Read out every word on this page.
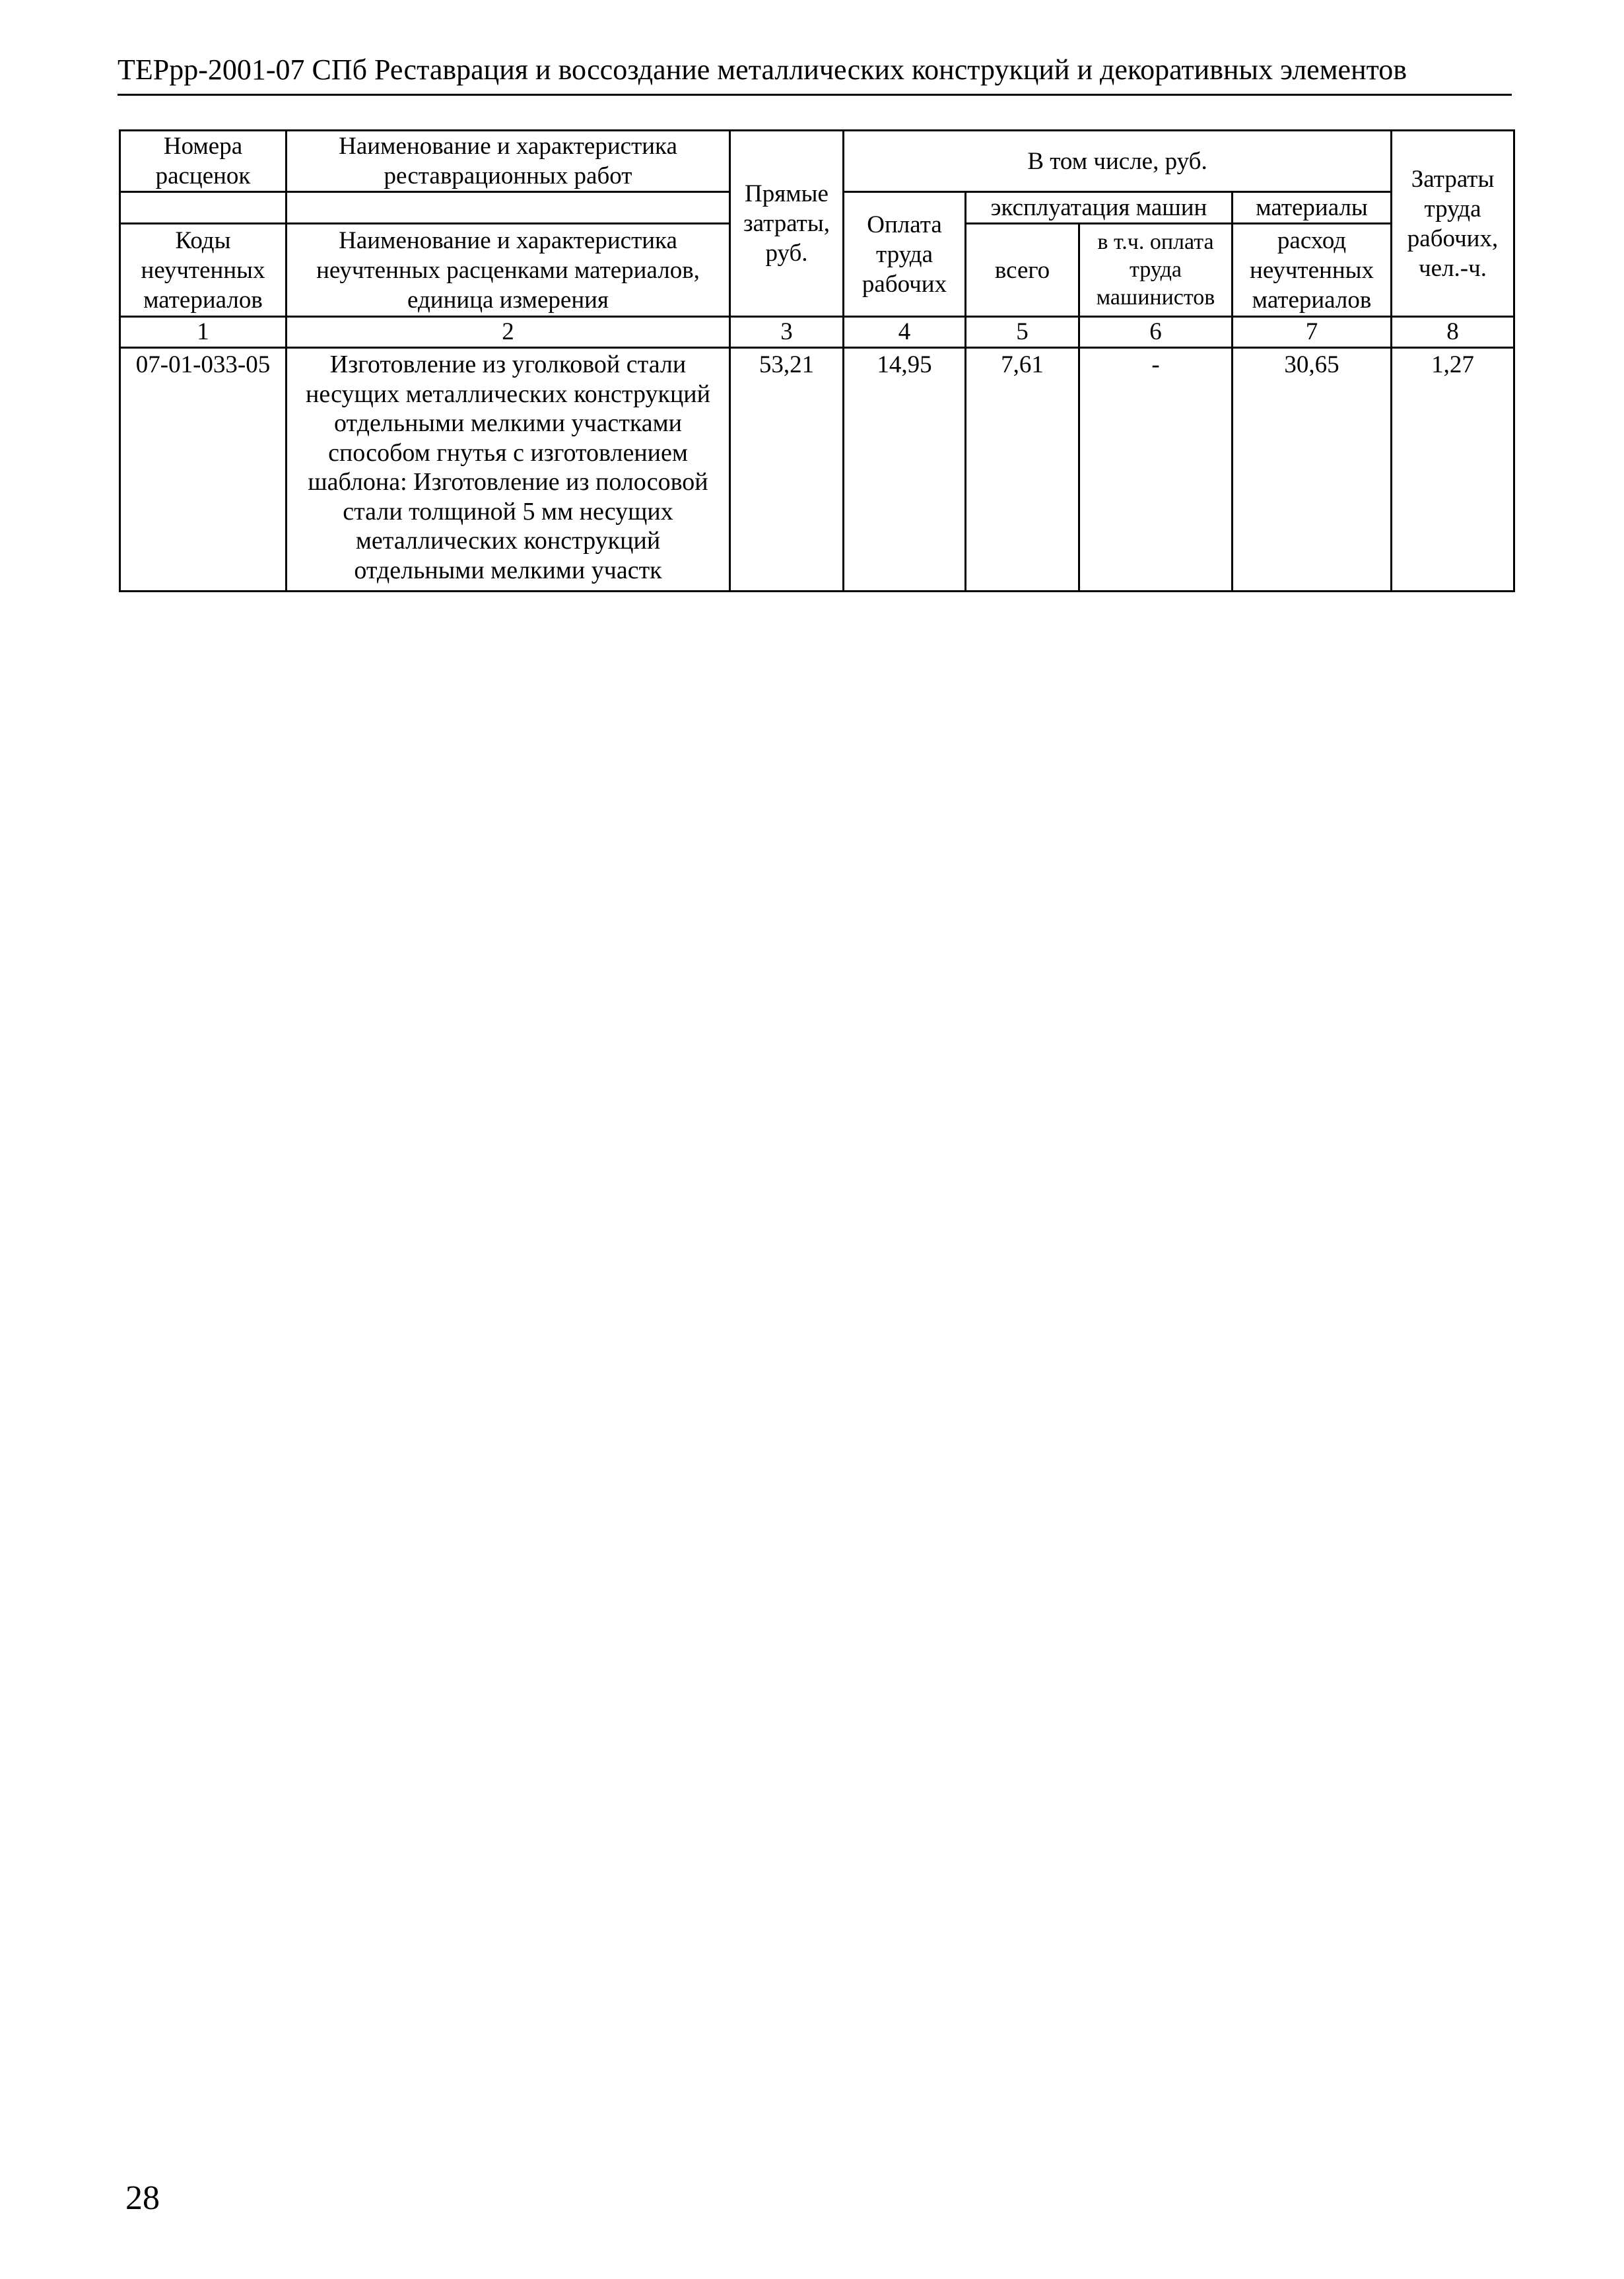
ТЕРрр-2001-07 СПб Реставрация и воссоздание металлических конструкций и декоративных элементов
Номера расценок	Наименование и характеристика реставрационных работ	Прямые затраты, руб.	В том числе, руб.				Затраты труда рабочих, чел.-ч.
			Оплата труда рабочих	эксплуатация машин		материалы	
Коды неучтенных материалов	Наименование и характеристика неучтенных расценками материалов, единица измерения			всего	в т.ч. оплата труда машинистов	расход неучтенных материалов	

1	2	3	4	5	6	7	8
07-01-033-05	Изготовление из уголковой стали несущих металлических конструкций отдельными мелкими участками способом гнутья с изготовлением шаблона: Изготовление из полосовой стали толщиной 5 мм несущих металлических конструкций отдельными мелкими участк	53,21	14,95	7,61	-	30,65	1,27
28
